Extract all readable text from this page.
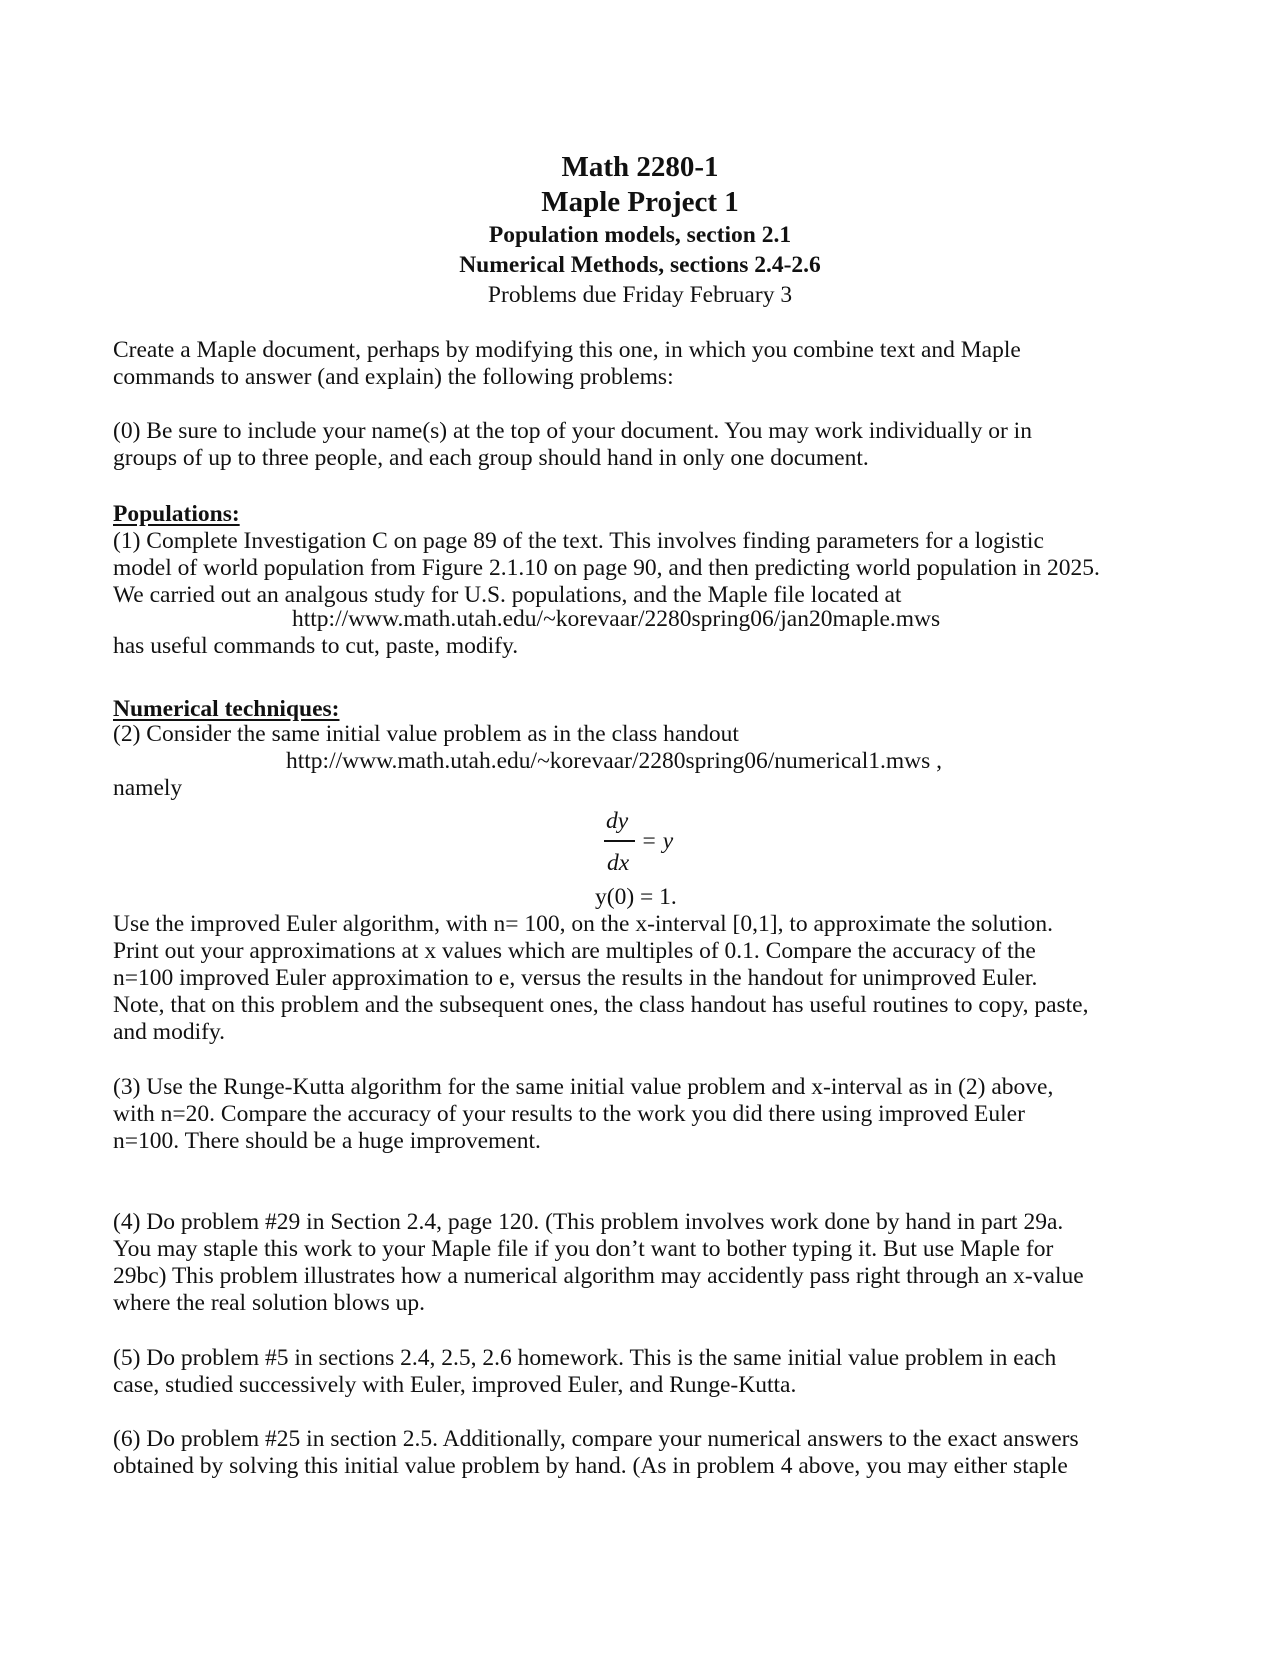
Math 2280-1
Maple Project 1
Population models, section 2.1
Numerical Methods, sections 2.4-2.6
Problems due Friday February 3
Create a Maple document, perhaps by modifying this one, in which you combine text and Maple
commands to answer (and explain) the following problems:
(0) Be sure to include your name(s) at the top of your document. You may work individually or in
groups of up to three people, and each group should hand in only one document.
Populations:
(1) Complete Investigation C on page 89 of the text. This involves finding parameters for a logistic
model of world population from Figure 2.1.10 on page 90, and then predicting world population in 2025.
We carried out an analgous study for U.S. populations, and the Maple file located at
http://www.math.utah.edu/~korevaar/2280spring06/jan20maple.mws
has useful commands to cut, paste, modify.
Numerical techniques:
(2) Consider the same initial value problem as in the class handout
http://www.math.utah.edu/~korevaar/2280spring06/numerical1.mws ,
namely
dy
= y
dx
y(0) = 1.
Use the improved Euler algorithm, with n= 100, on the x-interval [0,1], to approximate the solution.
Print out your approximations at x values which are multiples of 0.1. Compare the accuracy of the
n=100 improved Euler approximation to e, versus the results in the handout for unimproved Euler.
Note, that on this problem and the subsequent ones, the class handout has useful routines to copy, paste,
and modify.
(3) Use the Runge-Kutta algorithm for the same initial value problem and x-interval as in (2) above,
with n=20. Compare the accuracy of your results to the work you did there using improved Euler
n=100. There should be a huge improvement.
(4) Do problem #29 in Section 2.4, page 120. (This problem involves work done by hand in part 29a.
You may staple this work to your Maple file if you don’t want to bother typing it. But use Maple for
29bc) This problem illustrates how a numerical algorithm may accidently pass right through an x-value
where the real solution blows up.
(5) Do problem #5 in sections 2.4, 2.5, 2.6 homework. This is the same initial value problem in each
case, studied successively with Euler, improved Euler, and Runge-Kutta.
(6) Do problem #25 in section 2.5. Additionally, compare your numerical answers to the exact answers
obtained by solving this initial value problem by hand. (As in problem 4 above, you may either staple
